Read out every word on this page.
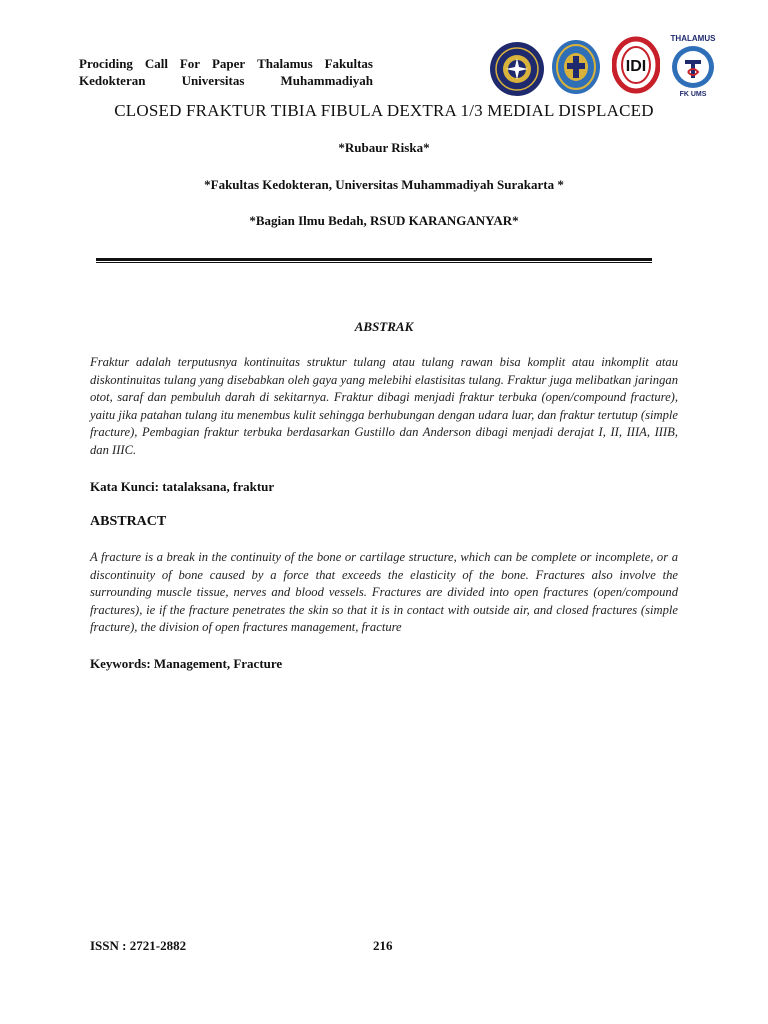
Prociding Call For Paper Thalamus Fakultas
Kedokteran	Universitas	Muhammadiyah
IDI
THALAMUS
FK UMS
CLOSED FRAKTUR TIBIA FIBULA DEXTRA 1/3 MEDIAL DISPLACED
*Rubaur Riska*
*Fakultas Kedokteran, Universitas Muhammadiyah Surakarta *
*Bagian Ilmu Bedah, RSUD KARANGANYAR*
ABSTRAK
Fraktur adalah terputusnya kontinuitas struktur tulang atau tulang rawan bisa komplit atau inkomplit atau diskontinuitas tulang yang disebabkan oleh gaya yang melebihi elastisitas tulang. Fraktur juga melibatkan jaringan otot, saraf dan pembuluh darah di sekitarnya. Fraktur dibagi menjadi fraktur terbuka (open/compound fracture), yaitu jika patahan tulang itu menembus kulit sehingga berhubungan dengan udara luar, dan fraktur tertutup (simple fracture), Pembagian fraktur terbuka berdasarkan Gustillo dan Anderson dibagi menjadi derajat I, II, IIIA, IIIB, dan IIIC.
Kata Kunci: tatalaksana, fraktur
ABSTRACT
A fracture is a break in the continuity of the bone or cartilage structure, which can be complete or incomplete, or a discontinuity of bone caused by a force that exceeds the elasticity of the bone. Fractures also involve the surrounding muscle tissue, nerves and blood vessels. Fractures are divided into open fractures (open/compound fractures), ie if the fracture penetrates the skin so that it is in contact with outside air, and closed fractures (simple fracture), the division of open fractures management, fracture
Keywords: Management, Fracture
ISSN : 2721-2882	216
